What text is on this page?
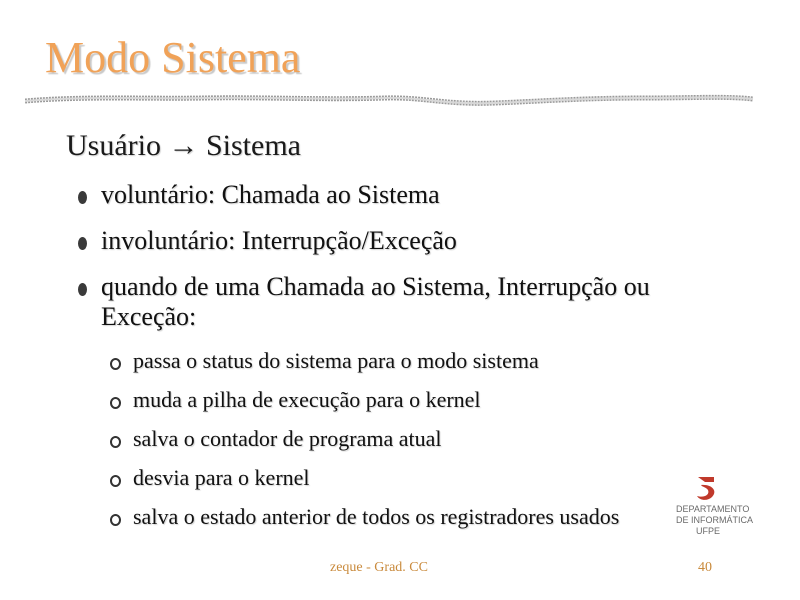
Modo Sistema
Usuário → Sistema
voluntário: Chamada ao Sistema
involuntário: Interrupção/Exceção
quando de uma Chamada ao Sistema, Interrupção ou Exceção:
passa o status do sistema para o modo sistema
muda a pilha de execução para o kernel
salva o contador de programa atual
desvia para o kernel
salva o estado anterior de todos os registradores usados	DEPARTAMENTO
DE INFORMÁTICA
UFPE
zeque - Grad. CC	40
